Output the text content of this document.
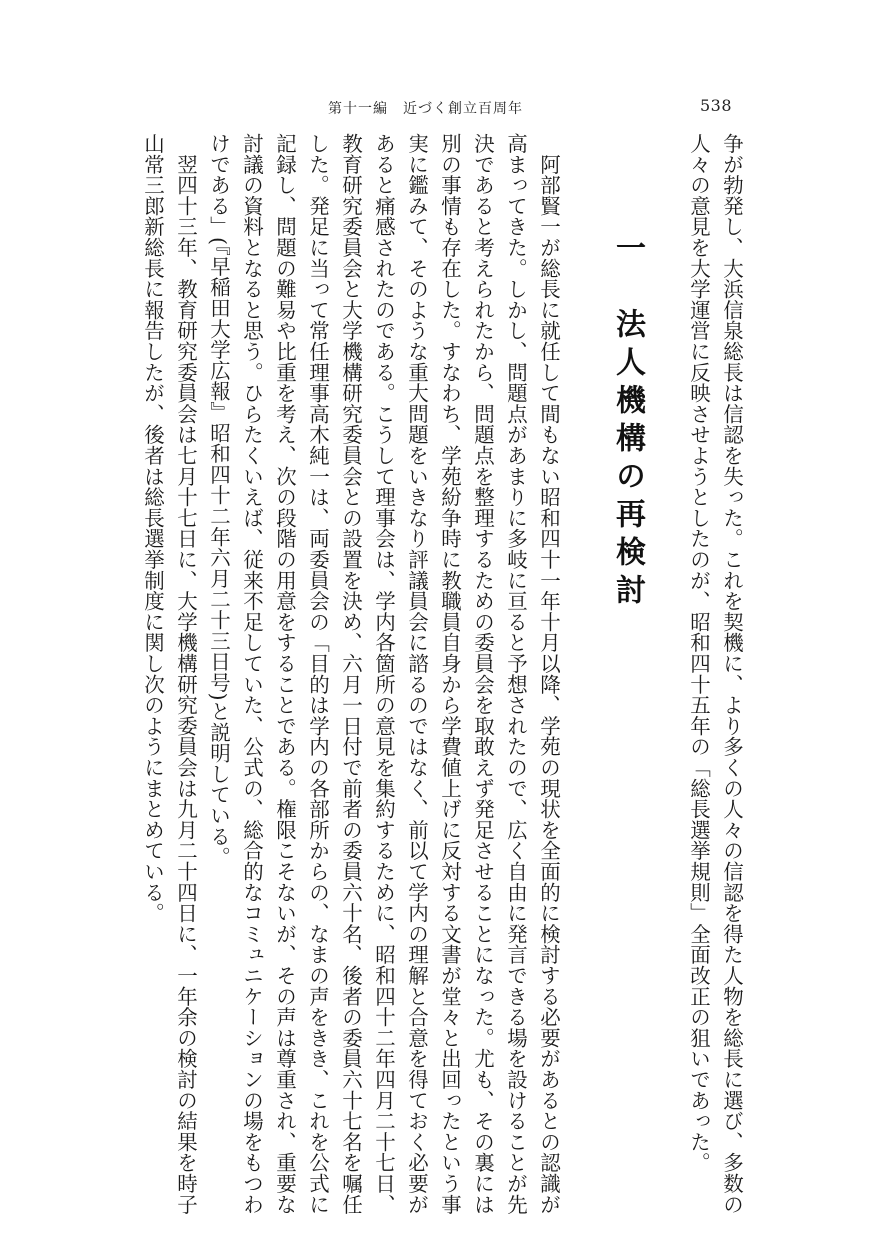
第十一編　近づく創立百周年	538
争が勃発し、大浜信泉総長は信認を失った。これを契機に、より多くの人々の信認を得た人物を総長に選び、多数の
人々の意見を大学運営に反映させようとしたのが、昭和四十五年の「総長選挙規則」全面改正の狙いであった。
一　法人機構の再検討
　阿部賢一が総長に就任して間もない昭和四十一年十月以降、学苑の現状を全面的に検討する必要があるとの認識が
高まってきた。しかし、問題点があまりに多岐に亘ると予想されたので、広く自由に発言できる場を設けることが先
決であると考えられたから、問題点を整理するための委員会を取敢えず発足させることになった。尤も、その裏には
別の事情も存在した。すなわち、学苑紛争時に教職員自身から学費値上げに反対する文書が堂々と出回ったという事
実に鑑みて、そのような重大問題をいきなり評議員会に諮るのではなく、前以て学内の理解と合意を得ておく必要が
あると痛感されたのである。こうして理事会は、学内各箇所の意見を集約するために、昭和四十二年四月二十七日、
教育研究委員会と大学機構研究委員会との設置を決め、六月一日付で前者の委員六十名、後者の委員六十七名を嘱任
した。発足に当って常任理事高木純一は、両委員会の「目的は学内の各部所からの、なまの声をきき、これを公式に
記録し、問題の難易や比重を考え、次の段階の用意をすることである。権限こそないが、その声は尊重され、重要な
討議の資料となると思う。ひらたくいえば、従来不足していた、公式の、総合的なコミュニケーションの場をもつわ
けである」(『早稲田大学広報』昭和四十二年六月二十三日号)と説明している。
　翌四十三年、教育研究委員会は七月十七日に、大学機構研究委員会は九月二十四日に、一年余の検討の結果を時子
山常三郎新総長に報告したが、後者は総長選挙制度に関し次のようにまとめている。
